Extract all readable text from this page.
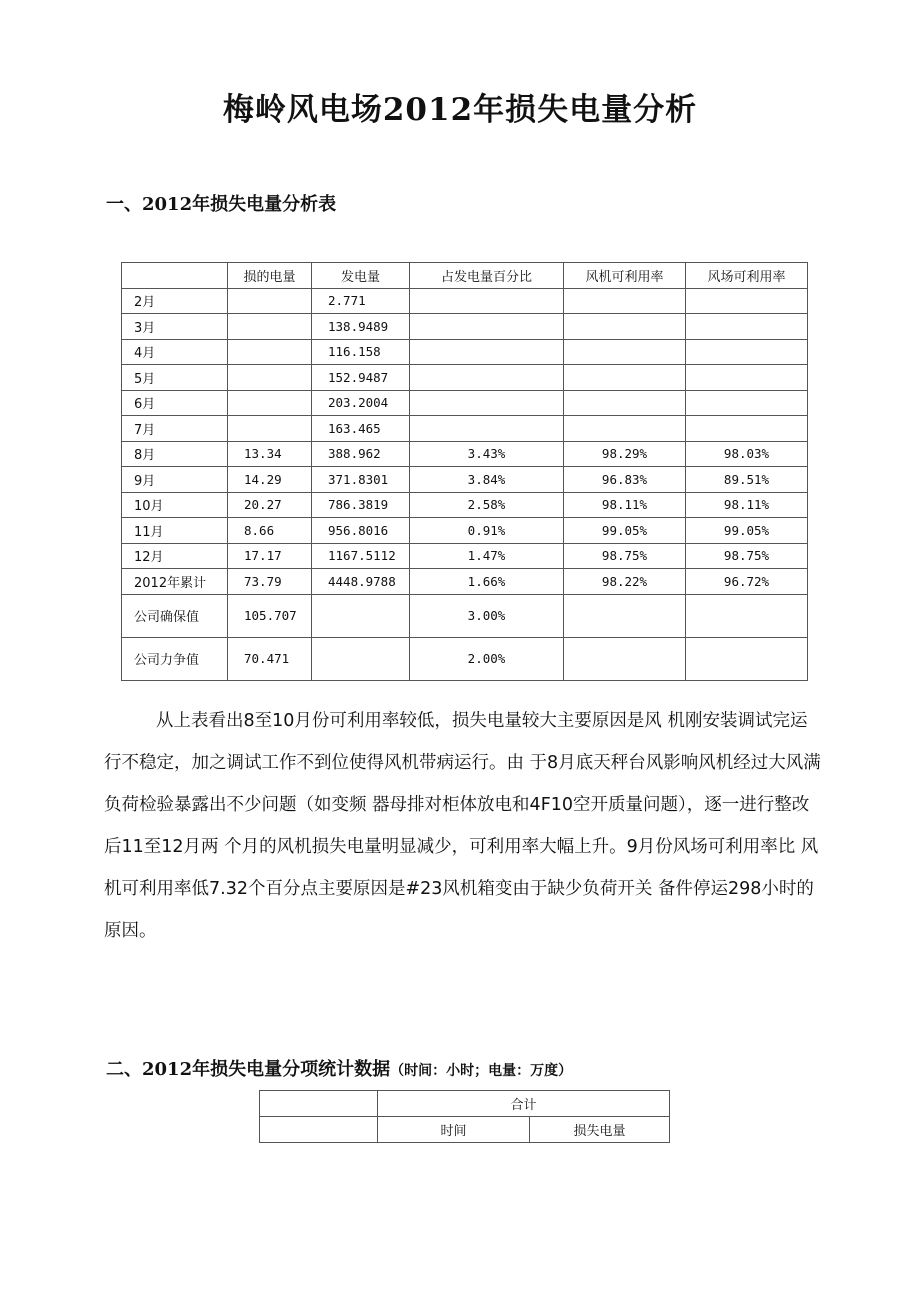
梅岭风电场2012年损失电量分析
一、2012年损失电量分析表
	损的电量	发电量	占发电量百分比	风机可利用率	风场可利用率
2月		2.771			
3月		138.9489			
4月		116.158			
5月		152.9487			
6月		203.2004			
7月		163.465			
8月	13.34	388.962	3.43%	98.29%	98.03%
9月	14.29	371.8301	3.84%	96.83%	89.51%
10月	20.27	786.3819	2.58%	98.11%	98.11%
11月	8.66	956.8016	0.91%	99.05%	99.05%
12月	17.17	1167.5112	1.47%	98.75%	98.75%
2012年累计	73.79	4448.9788	1.66%	98.22%	96.72%
公司确保值	105.707		3.00%		
公司力争值	70.471		2.00%		
从上表看出8至10月份可利用率较低，损失电量较大主要原因是风 机刚安装调试完运行不稳定，加之调试工作不到位使得风机带病运行。由 于8月底天秤台风影响风机经过大风满负荷检验暴露出不少问题（如变频 器母排对柜体放电和4F10空开质量问题），逐一进行整改后11至12月两 个月的风机损失电量明显减少，可利用率大幅上升。9月份风场可利用率比 风机可利用率低7.32个百分点主要原因是#23风机箱变由于缺少负荷开关 备件停运298小时的原因。
二、2012年损失电量分项统计数据（时间：小时；电量：万度）
	合计	
	时间	损失电量
